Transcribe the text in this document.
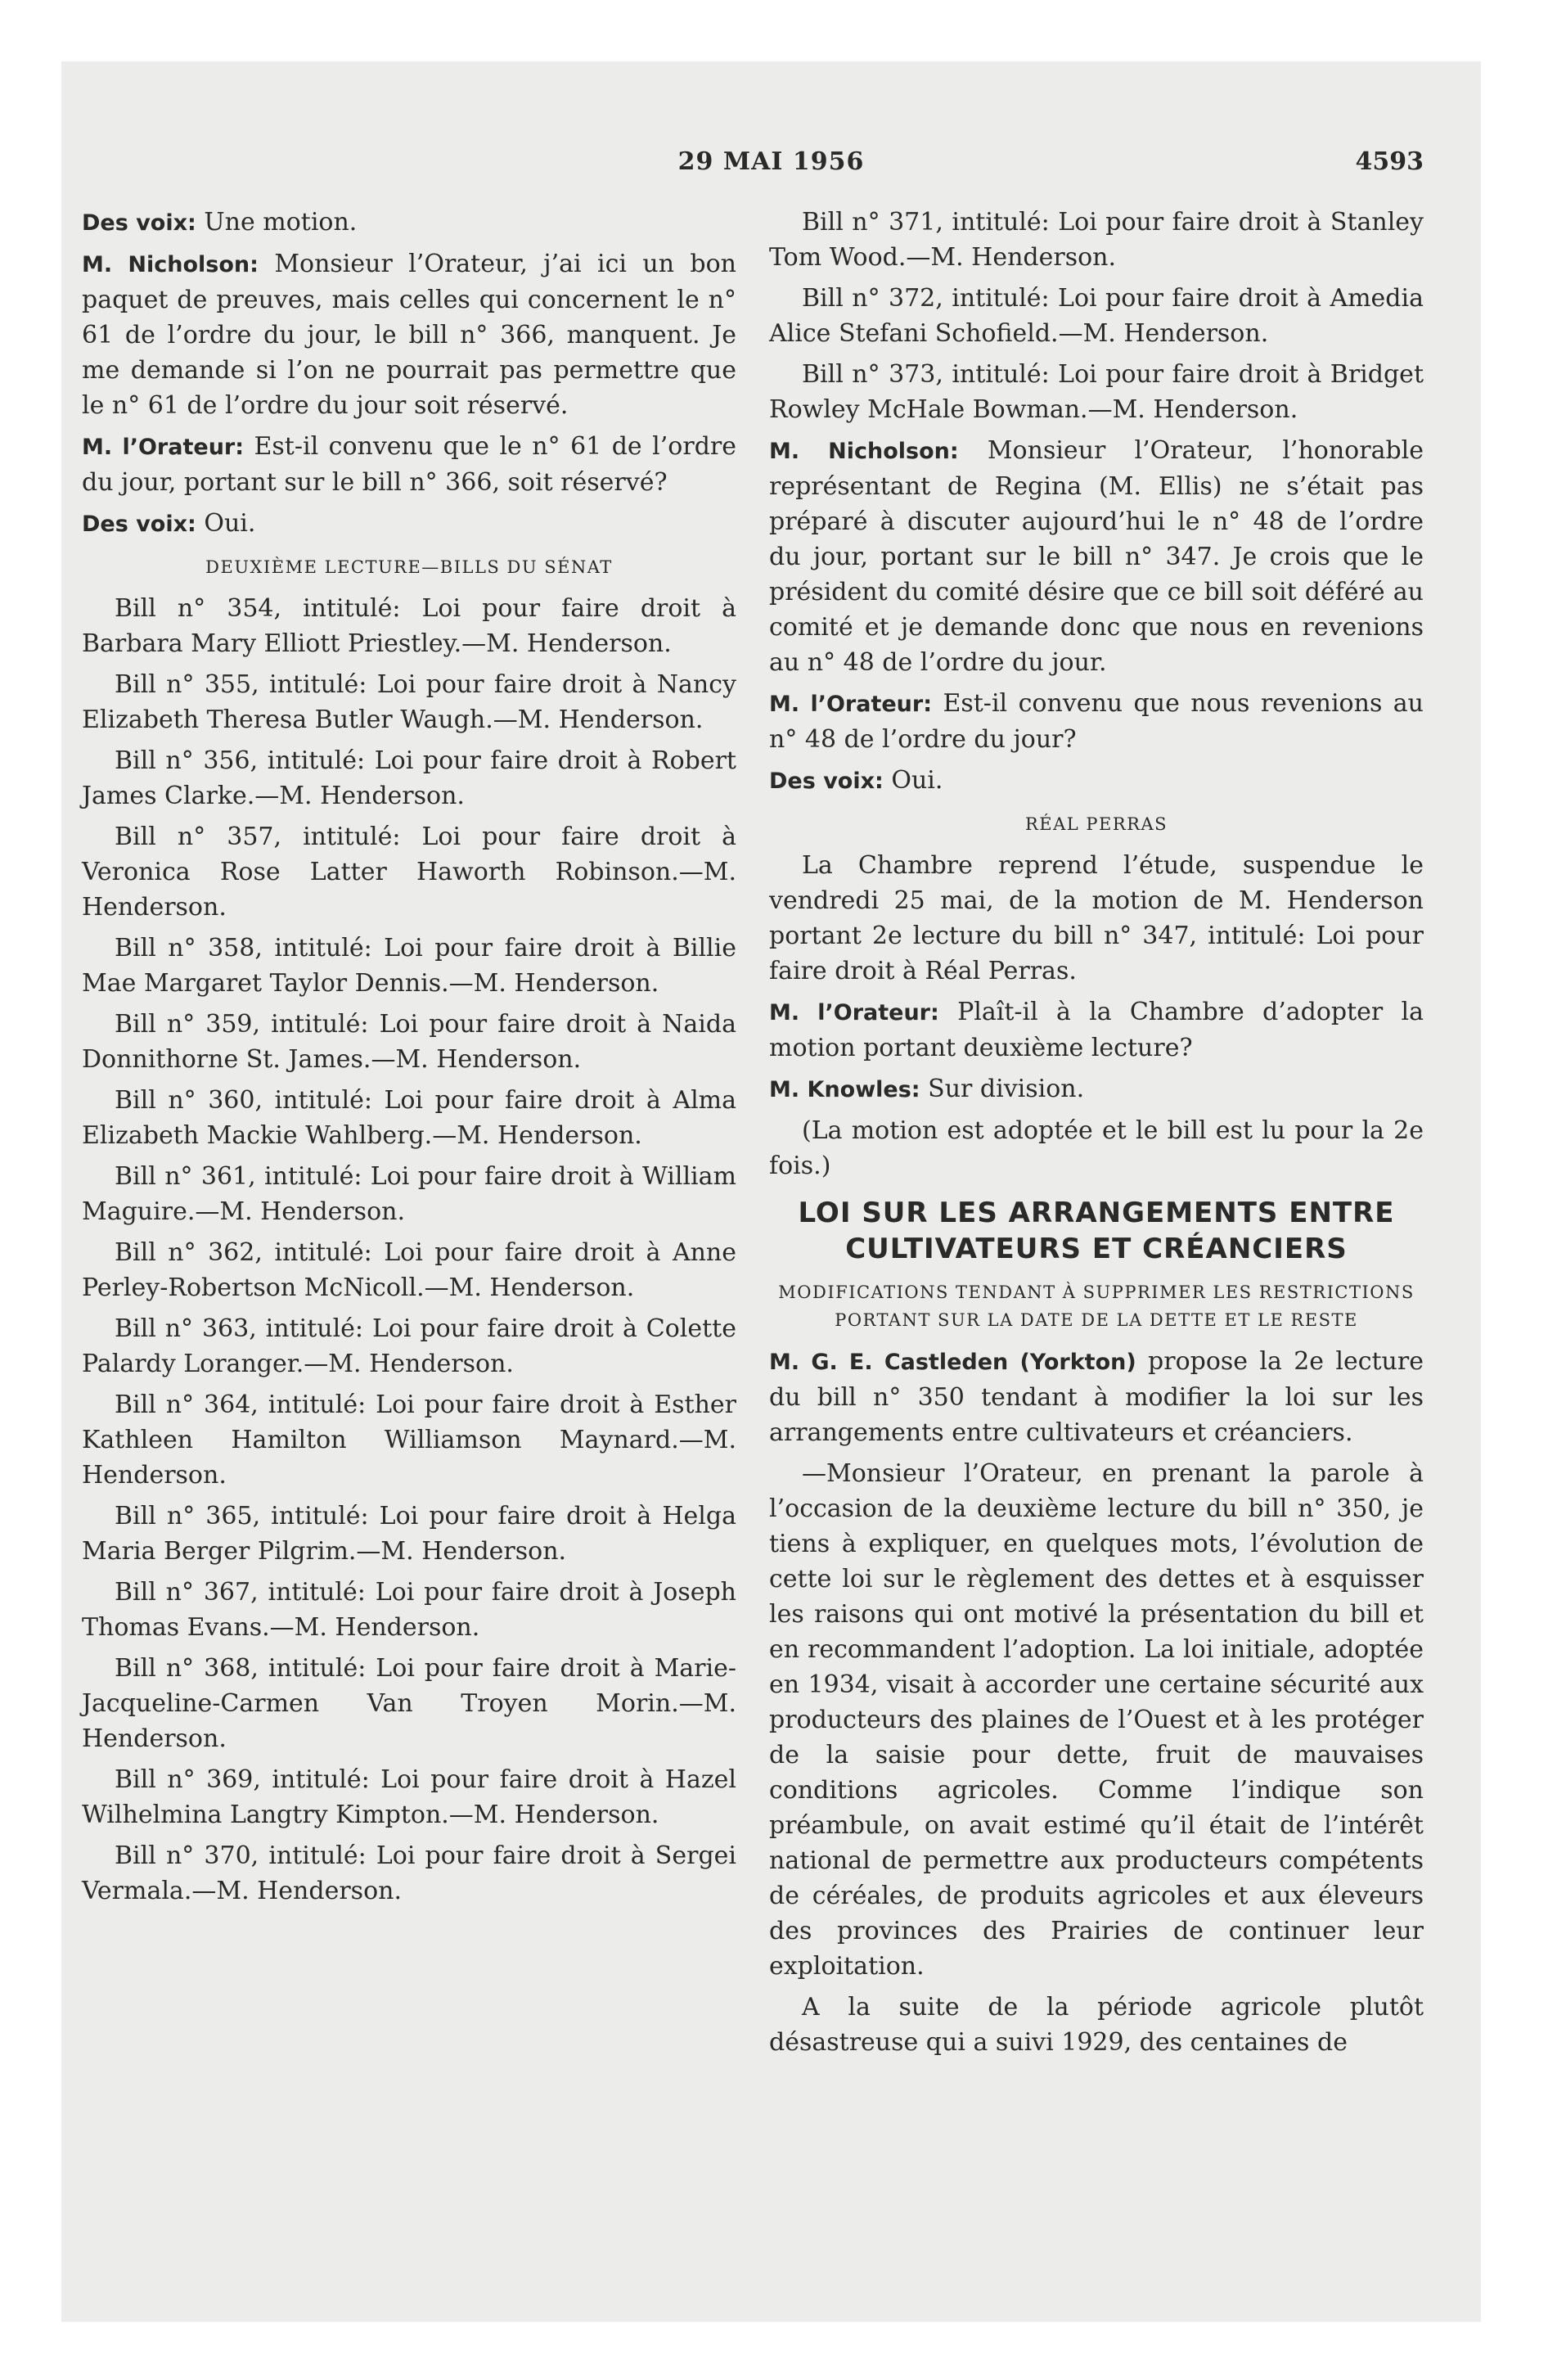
29 MAI 1956	4593

Des voix: Une motion.

M. Nicholson: Monsieur l’Orateur, j’ai ici un bon paquet de preuves, mais celles qui concernent le n° 61 de l’ordre du jour, le bill n° 366, manquent. Je me demande si l’on ne pourrait pas permettre que le n° 61 de l’ordre du jour soit réservé.

M. l’Orateur: Est-il convenu que le n° 61 de l’ordre du jour, portant sur le bill n° 366, soit réservé?

Des voix: Oui.

DEUXIÈME LECTURE—BILLS DU SÉNAT

Bill n° 354, intitulé: Loi pour faire droit à Barbara Mary Elliott Priestley.—M. Henderson.

Bill n° 355, intitulé: Loi pour faire droit à Nancy Elizabeth Theresa Butler Waugh.—M. Henderson.

Bill n° 356, intitulé: Loi pour faire droit à Robert James Clarke.—M. Henderson.

Bill n° 357, intitulé: Loi pour faire droit à Veronica Rose Latter Haworth Robinson.—M. Henderson.

Bill n° 358, intitulé: Loi pour faire droit à Billie Mae Margaret Taylor Dennis.—M. Henderson.

Bill n° 359, intitulé: Loi pour faire droit à Naida Donnithorne St. James.—M. Henderson.

Bill n° 360, intitulé: Loi pour faire droit à Alma Elizabeth Mackie Wahlberg.—M. Henderson.

Bill n° 361, intitulé: Loi pour faire droit à William Maguire.—M. Henderson.

Bill n° 362, intitulé: Loi pour faire droit à Anne Perley-Robertson McNicoll.—M. Henderson.

Bill n° 363, intitulé: Loi pour faire droit à Colette Palardy Loranger.—M. Henderson.

Bill n° 364, intitulé: Loi pour faire droit à Esther Kathleen Hamilton Williamson Maynard.—M. Henderson.

Bill n° 365, intitulé: Loi pour faire droit à Helga Maria Berger Pilgrim.—M. Henderson.

Bill n° 367, intitulé: Loi pour faire droit à Joseph Thomas Evans.—M. Henderson.

Bill n° 368, intitulé: Loi pour faire droit à Marie-Jacqueline-Carmen Van Troyen Morin.—M. Henderson.

Bill n° 369, intitulé: Loi pour faire droit à Hazel Wilhelmina Langtry Kimpton.—M. Henderson.

Bill n° 370, intitulé: Loi pour faire droit à Sergei Vermala.—M. Henderson.

Bill n° 371, intitulé: Loi pour faire droit à Stanley Tom Wood.—M. Henderson.

Bill n° 372, intitulé: Loi pour faire droit à Amedia Alice Stefani Schofield.—M. Henderson.

Bill n° 373, intitulé: Loi pour faire droit à Bridget Rowley McHale Bowman.—M. Henderson.

M. Nicholson: Monsieur l’Orateur, l’honorable représentant de Regina (M. Ellis) ne s’était pas préparé à discuter aujourd’hui le n° 48 de l’ordre du jour, portant sur le bill n° 347. Je crois que le président du comité désire que ce bill soit déféré au comité et je demande donc que nous en revenions au n° 48 de l’ordre du jour.

M. l’Orateur: Est-il convenu que nous revenions au n° 48 de l’ordre du jour?

Des voix: Oui.

RÉAL PERRAS

La Chambre reprend l’étude, suspendue le vendredi 25 mai, de la motion de M. Henderson portant 2e lecture du bill n° 347, intitulé: Loi pour faire droit à Réal Perras.

M. l’Orateur: Plaît-il à la Chambre d’adopter la motion portant deuxième lecture?

M. Knowles: Sur division.

(La motion est adoptée et le bill est lu pour la 2e fois.)

LOI SUR LES ARRANGEMENTS ENTRE CULTIVATEURS ET CRÉANCIERS

MODIFICATIONS TENDANT À SUPPRIMER LES RESTRICTIONS PORTANT SUR LA DATE DE LA DETTE ET LE RESTE

M. G. E. Castleden (Yorkton) propose la 2e lecture du bill n° 350 tendant à modifier la loi sur les arrangements entre cultivateurs et créanciers.

—Monsieur l’Orateur, en prenant la parole à l’occasion de la deuxième lecture du bill n° 350, je tiens à expliquer, en quelques mots, l’évolution de cette loi sur le règlement des dettes et à esquisser les raisons qui ont motivé la présentation du bill et en recommandent l’adoption. La loi initiale, adoptée en 1934, visait à accorder une certaine sécurité aux producteurs des plaines de l’Ouest et à les protéger de la saisie pour dette, fruit de mauvaises conditions agricoles. Comme l’indique son préambule, on avait estimé qu’il était de l’intérêt national de permettre aux producteurs compétents de céréales, de produits agricoles et aux éleveurs des provinces des Prairies de continuer leur exploitation.

A la suite de la période agricole plutôt désastreuse qui a suivi 1929, des centaines de
